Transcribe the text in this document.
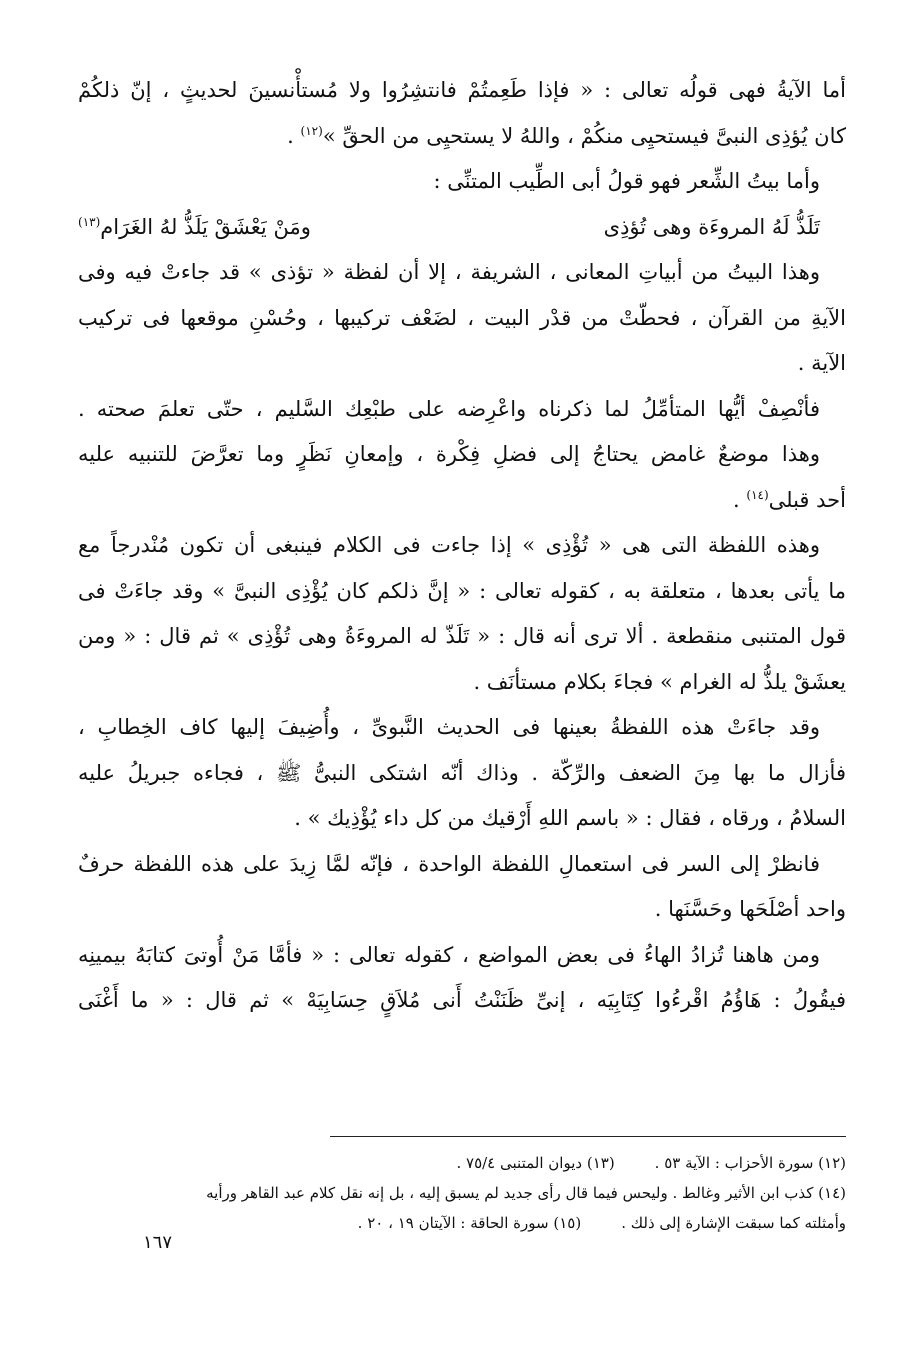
أما الآيةُ فهى قولُه تعالى : « فإذا طَعِمتُمْ فانتشِرُوا ولا مُستأْنسينَ لحديثٍ ، إنّ ذلكُمْ
كان يُؤذِى النبىَّ فيستحيِى منكُمْ ، واللهُ لا يستحيِى من الحقِّ »$^{(١٢)}$ .
وأما بيتُ الشِّعر فهو قولُ أبى الطِّيب المتنِّى :
تَلَذُّ لَهُ المروءَة وهى تُؤذِى
ومَنْ يَعْشَقْ يَلَذُّ لهُ الغَرَام(١٣)
وهذا البيتُ من أبياتِ المعانى ، الشريفة ، إلا أن لفظة « تؤذى » قد جاءتْ فيه وفى
الآيةِ من القرآن ، فحطّتْ من قدْر البيت ، لضَعْف تركيبها ، وحُسْنِ موقعها فى تركيب
الآية .
فأنْصِفْ أيُّها المتأمِّلُ لما ذكرناه واعْرِضه على طبْعِك السَّليم ، حتّى تعلمَ صحته .
وهذا موضعٌ غامض يحتاجُ إلى فضلِ فِكْرة ، وإمعانِ نَظَرٍ وما تعرَّضَ للتنبيه عليه
أحد قبلى$^{(١٤)}$ .
وهذه اللفظة التى هى « تُؤْذِى » إذا جاءت فى الكلام فينبغى أن تكون مُنْدرجاً مع
ما يأتى بعدها ، متعلقة به ، كقوله تعالى : « إنَّ ذلكم كان يُؤْذِى النبىَّ » وقد جاءَتْ فى
قول المتنبى منقطعة . ألا ترى أنه قال : « تَلَذّ له المروءَةُ وهى تُؤْذِى » ثم قال : « ومن
يعشَقْ يلذُّ له الغرام » فجاءَ بكلام مستأنَف .
وقد جاءَتْ هذه اللفظةُ بعينها فى الحديث النَّبوىِّ ، وأُضِيفَ إليها كاف الخِطابِ ،
فأزال ما بها مِنَ الضعف والرِّكّة . وذاك أنّه اشتكى النبىُّ ﷺ ، فجاءه جبريلُ عليه
السلامُ ، ورقاه ، فقال : « باسم اللهِ أَرْقيك من كل داء يُؤْذِيك » .
فانظرْ إلى السر فى استعمالِ اللفظة الواحدة ، فإنّه لمَّا زِيدَ على هذه اللفظة حرفٌ
واحد أصْلَحَها وحَسَّنَها .
ومن هاهنا تُزادُ الهاءُ فى بعض المواضع ، كقوله تعالى : « فأمَّا مَنْ أُوتىَ كتابَهُ بيمينِه
فيقُولُ : هَاؤُمُ اقْرءُوا كِتَابِيَه ، إنىِّ ظَنَنْتُ أَنى مُلاَقٍ حِسَابِيَهْ » ثم قال : « ما أَغْنَى
(١٢) سورة الأحزاب : الآية ٥٣ .
(١٣) ديوان المتنبى ٧٥/٤ .
(١٤) كذب ابن الأثير وغالط . وليحس فيما قال رأى جديد لم يسبق إليه ، بل إنه نقل كلام عبد القاهر ورأيه
وأمثلته كما سبقت الإشارة إلى ذلك .
(١٥) سورة الحاقة : الآيتان ١٩ ، ٢٠ .
١٦٧
